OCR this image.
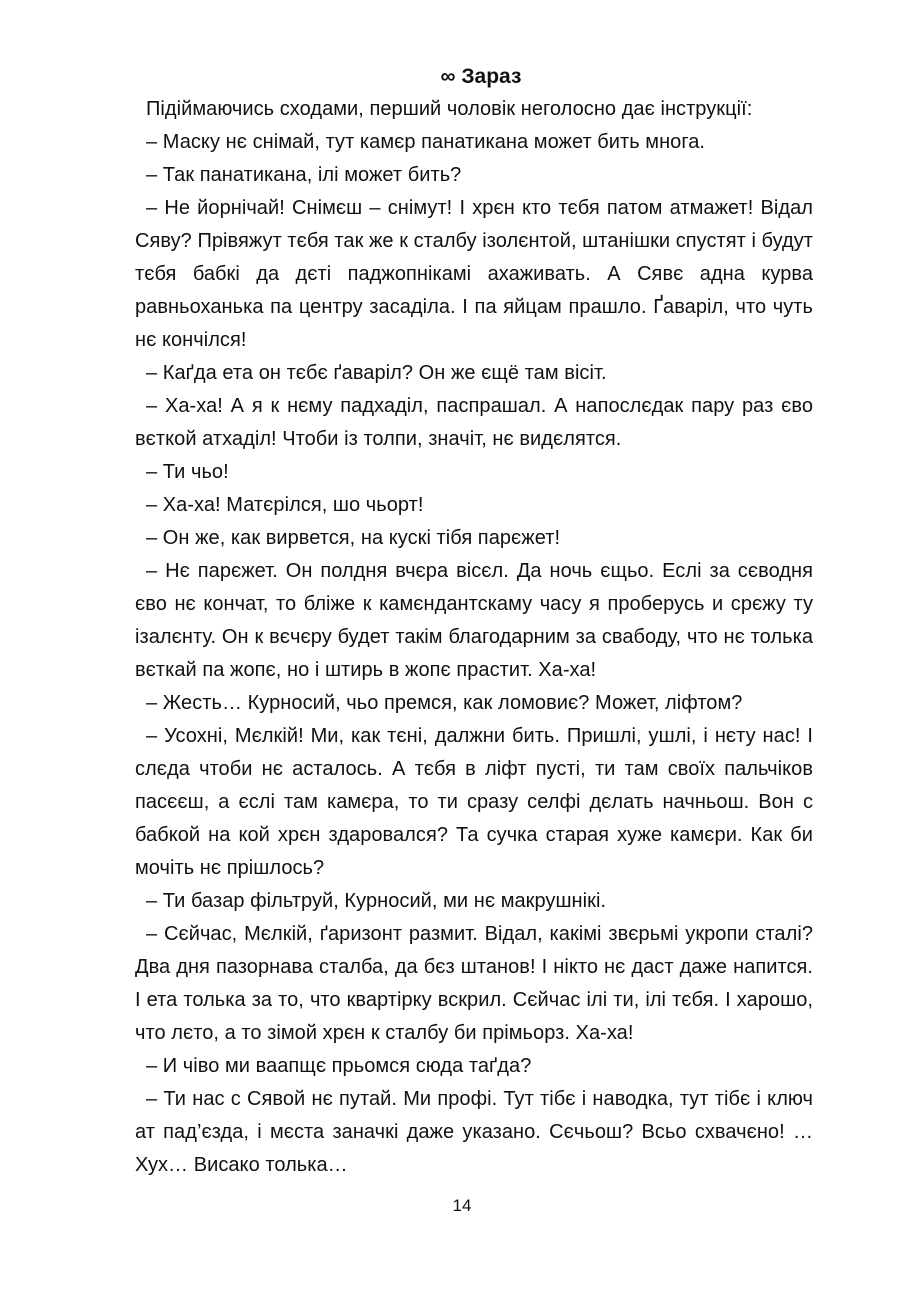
∞ Зараз

Підіймаючись сходами, перший чоловік неголосно дає інструкції:

– Маску нє снімай, тут камєр панатикана может бить многа.

– Так панатикана, ілі может бить?

– Не йорнічай! Снімєш – снімут! І хрєн кто тєбя патом атмажет! Відал Сяву? Прівяжут тєбя так же к сталбу ізолєнтой, штанішки спустят і будут тєбя бабкі да дєті паджопнікамі ахаживать. А Сявє адна курва равньоханька па центру засаділа. І па яйцам прашло. Ґаваріл, что чуть нє кончілся!

– Каґда ета он тєбє ґаваріл? Он же єщё там вісіт.

– Ха-ха! А я к нєму падхаділ, паспрашал. А напослєдак пару раз єво вєткой атхаділ! Чтоби із толпи, значіт, нє видєлятся.

– Ти чьо!

– Ха-ха! Матєрілся, шо чьорт!

– Он же, как вирвется, на кускі тібя парєжет!

– Нє парєжет. Он полдня вчєра вісєл. Да ночь єщьо. Еслі за сєводня єво нє кончат, то бліже к камєндантскаму часу я проберусь и срєжу ту ізалєнту. Он к вєчєру будет такім благодарним за свабоду, что нє толька вєткай па жопє, но і штирь в жопє прастит. Ха-ха!

– Жесть… Курносий, чьо премся, как ломовиє? Может, ліфтом?

– Усохні, Мєлкій! Ми, как тєні, далжни бить. Пришлі, ушлі, і нєту нас! І слєда чтоби нє асталось. А тєбя в ліфт пусті, ти там своїх пальчіков пасєєш, а єслі там камєра, то ти сразу селфі дєлать начньош. Вон с бабкой на кой хрєн здаровался? Та сучка старая хуже камєри. Как би мочіть нє прішлось?

– Ти базар фільтруй, Курносий, ми нє макрушнікі.

– Сєйчас, Мєлкій, ґаризонт размит. Відал, какімі звєрьмі укропи сталі? Два дня пазорнава сталба, да бєз штанов! І нікто нє даст даже напится. І ета толька за то, что квартірку вскрил. Сєйчас ілі ти, ілі тєбя. І харошо, что лєто, а то зімой хрєн к сталбу би прімьорз. Ха-ха!

– И чіво ми ваапщє прьомся сюда таґда?

– Ти нас с Сявой нє путай. Ми профі. Тут тібє і наводка, тут тібє і ключ ат пад’єзда, і мєста заначкі даже указано. Сєчьош? Всьо схвачєно! … Хух… Висако толька…

14
